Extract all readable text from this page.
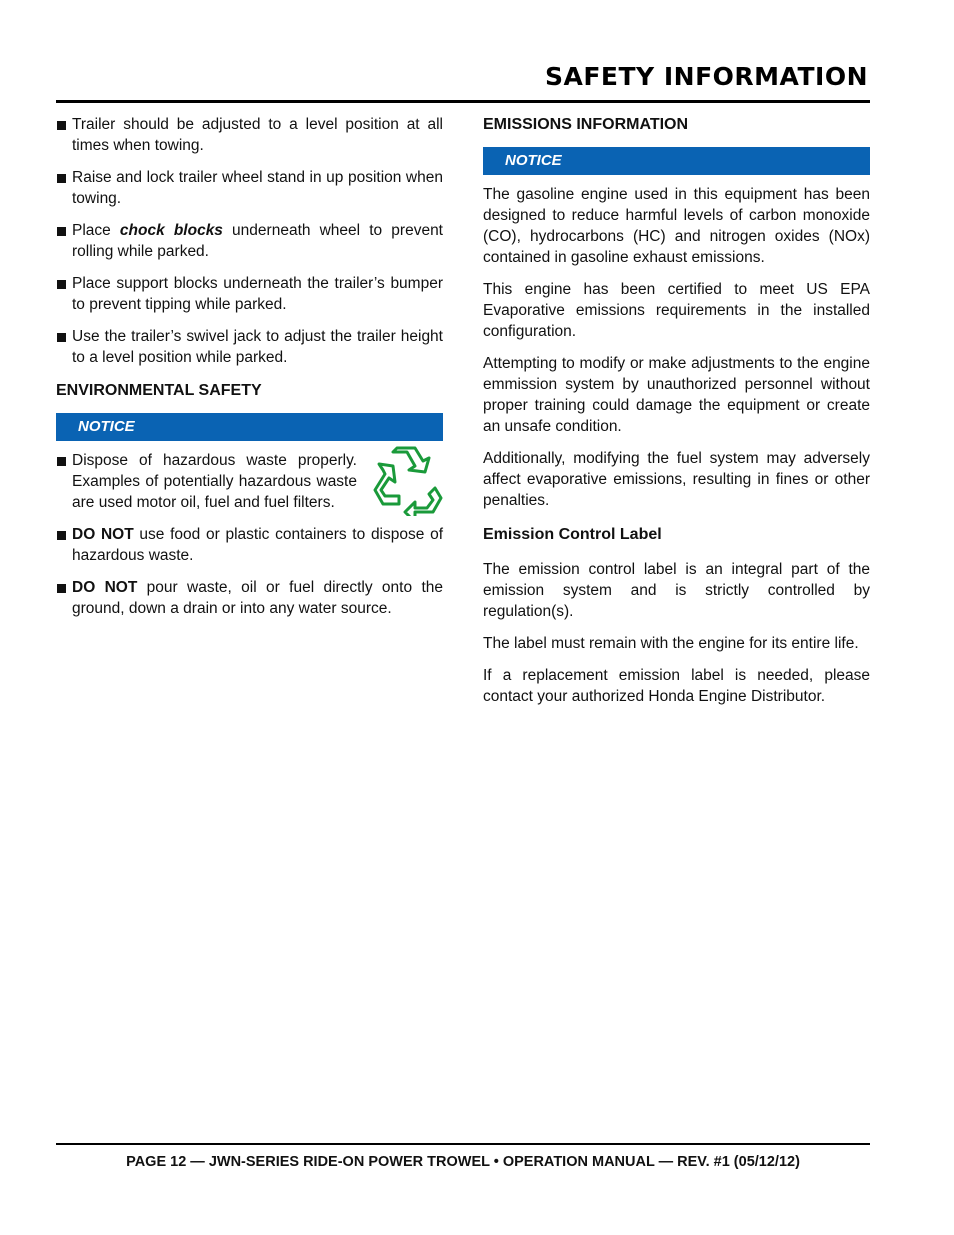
SAFETY INFORMATION
Trailer should be adjusted to a level position at all times when towing.
Raise and lock trailer wheel stand in up position when towing.
Place chock blocks underneath wheel to prevent rolling while parked.
Place support blocks underneath the trailer’s bumper to prevent tipping while parked.
Use the trailer’s swivel jack to adjust the trailer height to a level position while parked.
ENVIRONMENTAL SAFETY
NOTICE
Dispose of hazardous waste properly. Examples of potentially hazardous waste are used motor oil, fuel and fuel filters.
DO NOT use food or plastic containers to dispose of hazardous waste.
DO NOT pour waste, oil or fuel directly onto the ground, down a drain or into any water source.
EMISSIONS INFORMATION
NOTICE

The gasoline engine used in this equipment has been designed to reduce harmful levels of carbon monoxide (CO), hydrocarbons (HC) and nitrogen oxides (NOx) contained in gasoline exhaust emissions.

This engine has been certified to meet US EPA Evaporative emissions requirements in the installed configuration.

Attempting to modify or make adjustments to the engine emmission system by unauthorized personnel without proper training could damage the equipment or create an unsafe condition.

Additionally, modifying the fuel system may adversely affect evaporative emissions, resulting in fines or other penalties.

Emission Control Label

The emission control label is an integral part of the emission system and is strictly controlled by regulation(s).

The label must remain with the engine for its entire life.

If a replacement emission label is needed, please contact your authorized Honda Engine Distributor.

PAGE 12 — JWN-SERIES RIDE-ON POWER TROWEL • OPERATION MANUAL — REV. #1 (05/12/12)
